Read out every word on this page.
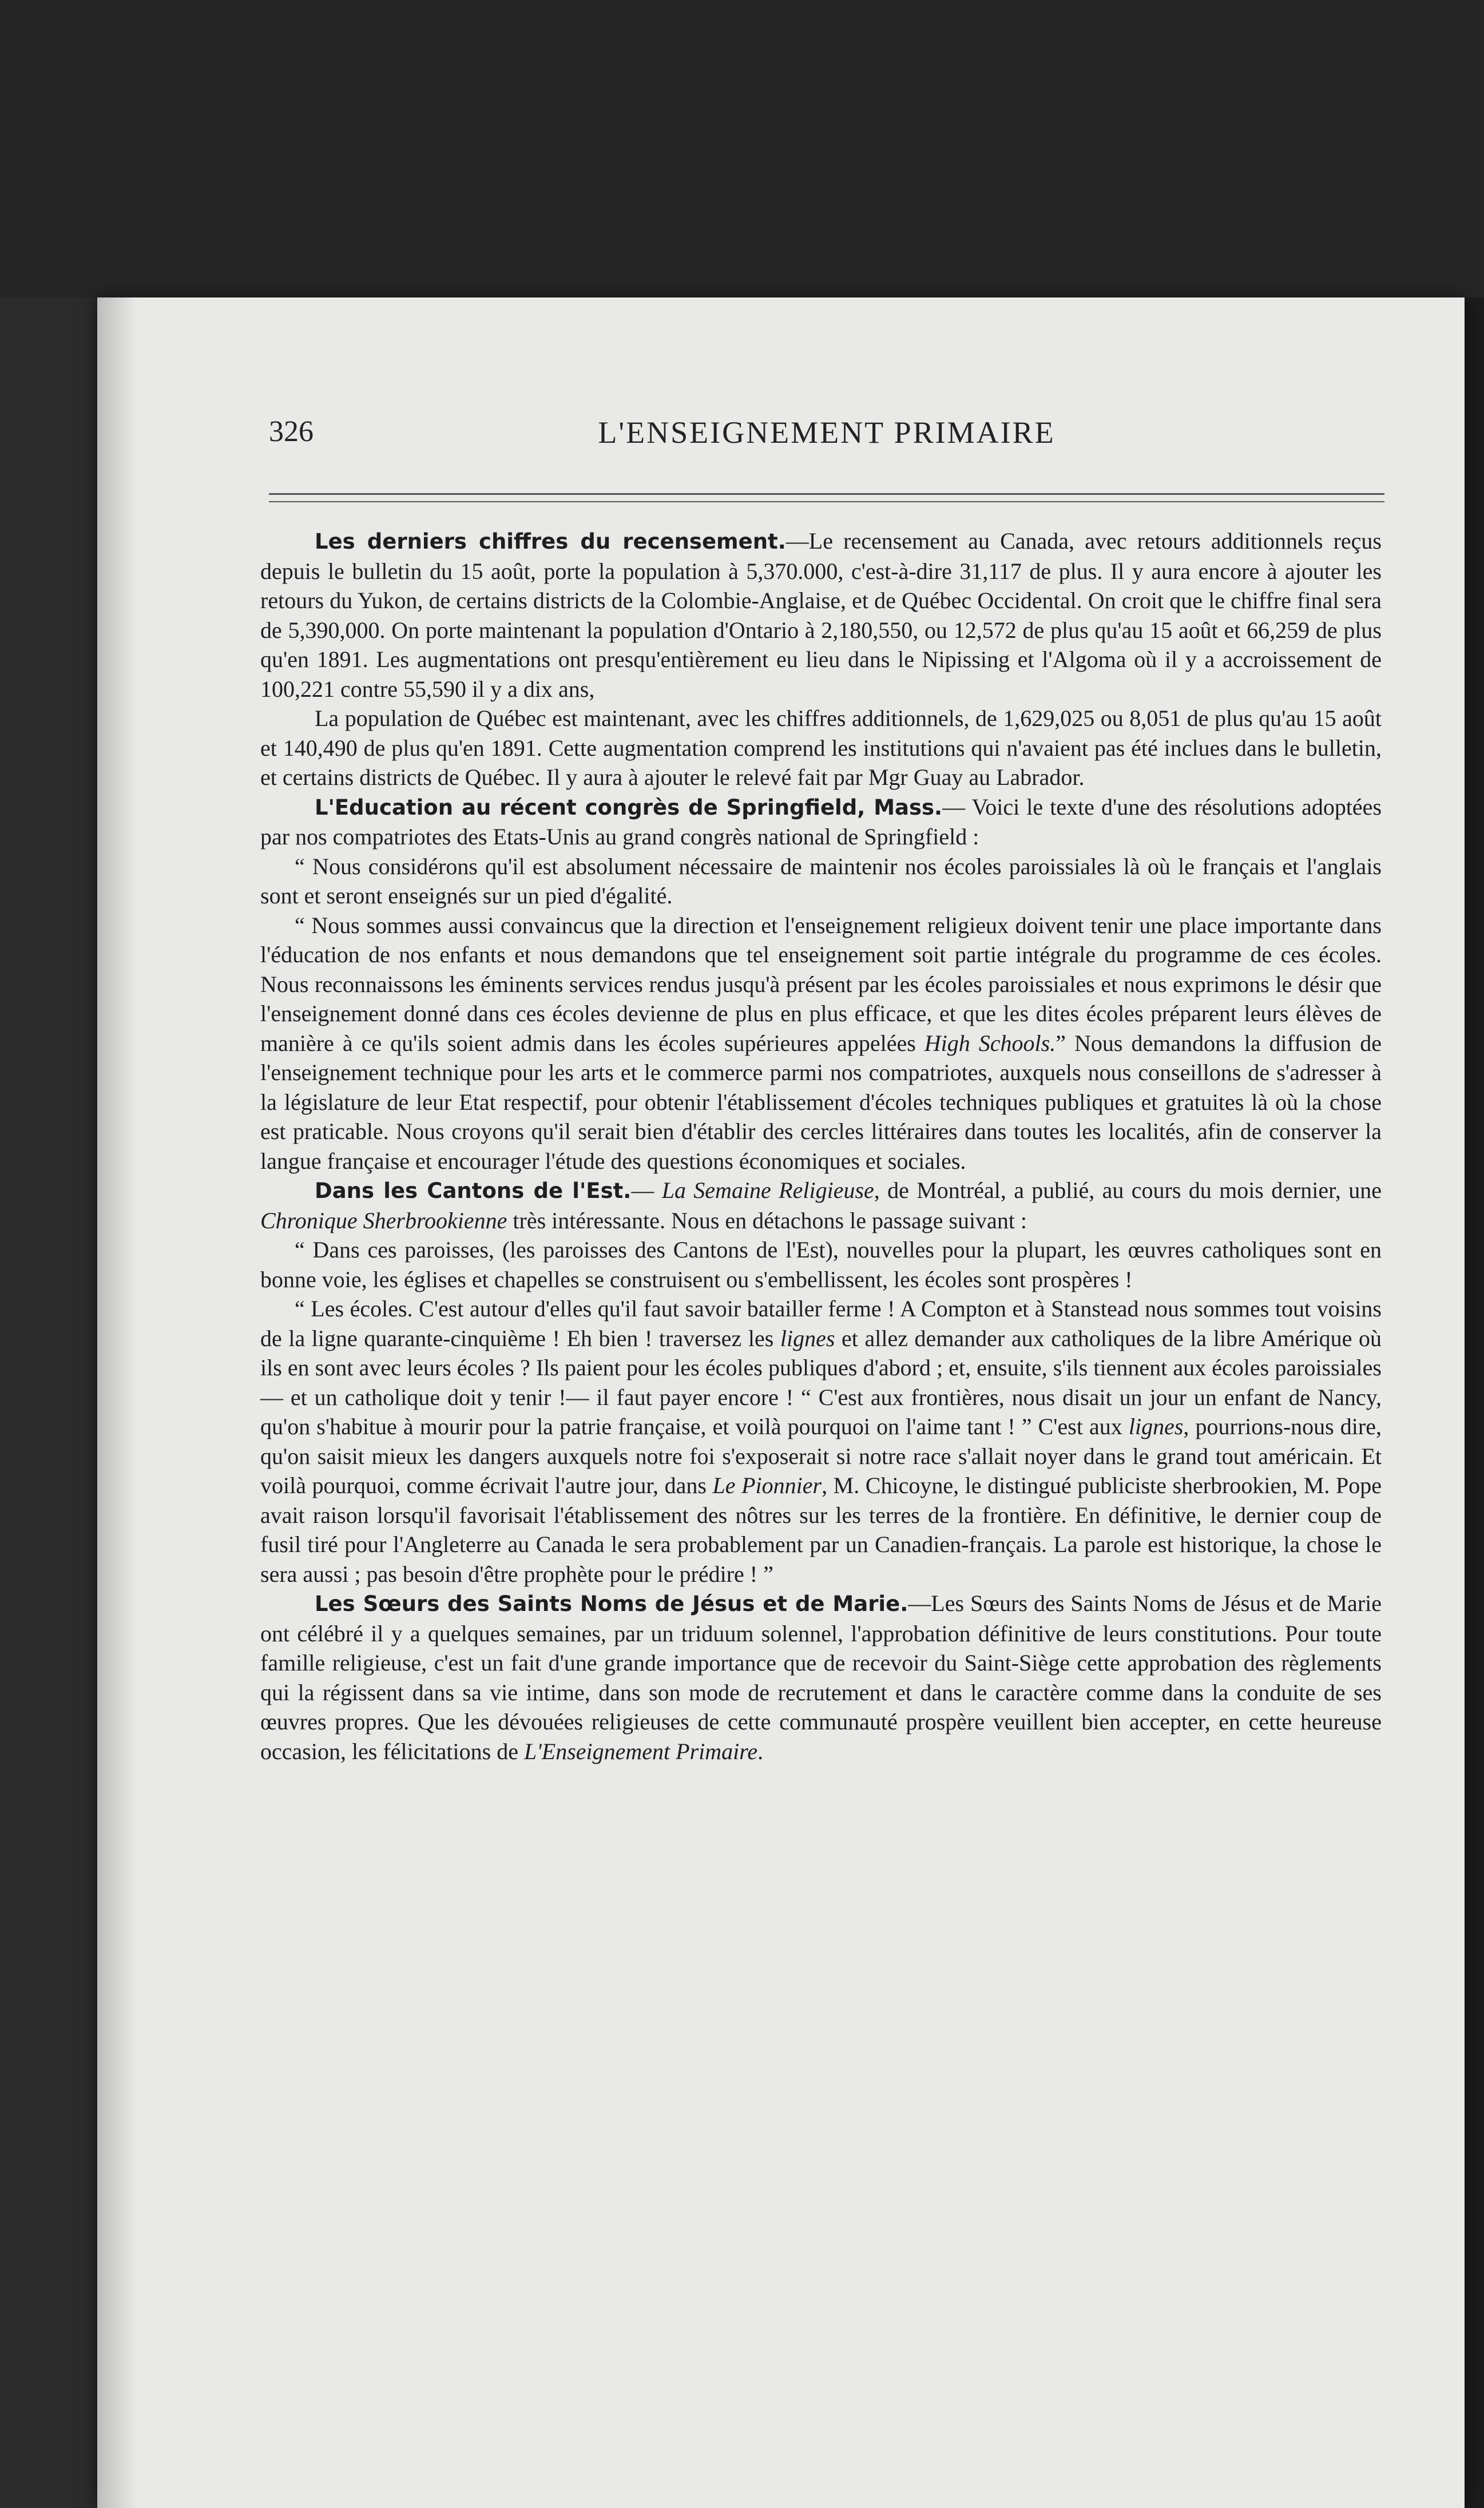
326	L'ENSEIGNEMENT PRIMAIRE

Les derniers chiffres du recensement.—Le recensement au Canada, avec retours additionnels reçus depuis le bulletin du 15 août, porte la population à 5,370.000, c'est-à-dire 31,117 de plus. Il y aura encore à ajouter les retours du Yukon, de certains districts de la Colombie-Anglaise, et de Québec Occidental. On croit que le chiffre final sera de 5,390,000. On porte maintenant la population d'Ontario à 2,180,550, ou 12,572 de plus qu'au 15 août et 66,259 de plus qu'en 1891. Les augmentations ont presqu'entièrement eu lieu dans le Nipissing et l'Algoma où il y a accroissement de 100,221 contre 55,590 il y a dix ans,

La population de Québec est maintenant, avec les chiffres additionnels, de 1,629,025 ou 8,051 de plus qu'au 15 août et 140,490 de plus qu'en 1891. Cette augmentation comprend les institutions qui n'avaient pas été inclues dans le bulletin, et certains districts de Québec. Il y aura à ajouter le relevé fait par Mgr Guay au Labrador.

L'Education au récent congrès de Springfield, Mass.— Voici le texte d'une des résolutions adoptées par nos compatriotes des Etats-Unis au grand congrès national de Springfield :

“ Nous considérons qu'il est absolument nécessaire de maintenir nos écoles paroissiales là où le français et l'anglais sont et seront enseignés sur un pied d'égalité.

“ Nous sommes aussi convaincus que la direction et l'enseignement religieux doivent tenir une place importante dans l'éducation de nos enfants et nous demandons que tel enseignement soit partie intégrale du programme de ces écoles. Nous reconnaissons les éminents services rendus jusqu'à présent par les écoles paroissiales et nous exprimons le désir que l'enseignement donné dans ces écoles devienne de plus en plus efficace, et que les dites écoles préparent leurs élèves de manière à ce qu'ils soient admis dans les écoles supérieures appelées High Schools.” Nous demandons la diffusion de l'enseignement technique pour les arts et le commerce parmi nos compatriotes, auxquels nous conseillons de s'adresser à la législature de leur Etat respectif, pour obtenir l'établissement d'écoles techniques publiques et gratuites là où la chose est praticable. Nous croyons qu'il serait bien d'établir des cercles littéraires dans toutes les localités, afin de conserver la langue française et encourager l'étude des questions économiques et sociales.

Dans les Cantons de l'Est.— La Semaine Religieuse, de Montréal, a publié, au cours du mois dernier, une Chronique Sherbrookienne très intéressante. Nous en détachons le passage suivant :

“ Dans ces paroisses, (les paroisses des Cantons de l'Est), nouvelles pour la plupart, les œuvres catholiques sont en bonne voie, les églises et chapelles se construisent ou s'embellissent, les écoles sont prospères !

“ Les écoles. C'est autour d'elles qu'il faut savoir batailler ferme ! A Compton et à Stanstead nous sommes tout voisins de la ligne quarante-cinquième ! Eh bien ! traversez les lignes et allez demander aux catholiques de la libre Amérique où ils en sont avec leurs écoles ? Ils paient pour les écoles publiques d'abord ; et, ensuite, s'ils tiennent aux écoles paroissiales— et un catholique doit y tenir !— il faut payer encore ! “ C'est aux frontières, nous disait un jour un enfant de Nancy, qu'on s'habitue à mourir pour la patrie française, et voilà pourquoi on l'aime tant ! ” C'est aux lignes, pourrions-nous dire, qu'on saisit mieux les dangers auxquels notre foi s'exposerait si notre race s'allait noyer dans le grand tout américain. Et voilà pourquoi, comme écrivait l'autre jour, dans Le Pionnier, M. Chicoyne, le distingué publiciste sherbrookien, M. Pope avait raison lorsqu'il favorisait l'établissement des nôtres sur les terres de la frontière. En définitive, le dernier coup de fusil tiré pour l'Angleterre au Canada le sera probablement par un Canadien-français. La parole est historique, la chose le sera aussi ; pas besoin d'être prophète pour le prédire ! ”

Les Sœurs des Saints Noms de Jésus et de Marie.—Les Sœurs des Saints Noms de Jésus et de Marie ont célébré il y a quelques semaines, par un triduum solennel, l'approbation définitive de leurs constitutions. Pour toute famille religieuse, c'est un fait d'une grande importance que de recevoir du Saint-Siège cette approbation des règlements qui la régissent dans sa vie intime, dans son mode de recrutement et dans le caractère comme dans la conduite de ses œuvres propres. Que les dévouées religieuses de cette communauté prospère veuillent bien accepter, en cette heureuse occasion, les félicitations de L'Enseignement Primaire.
